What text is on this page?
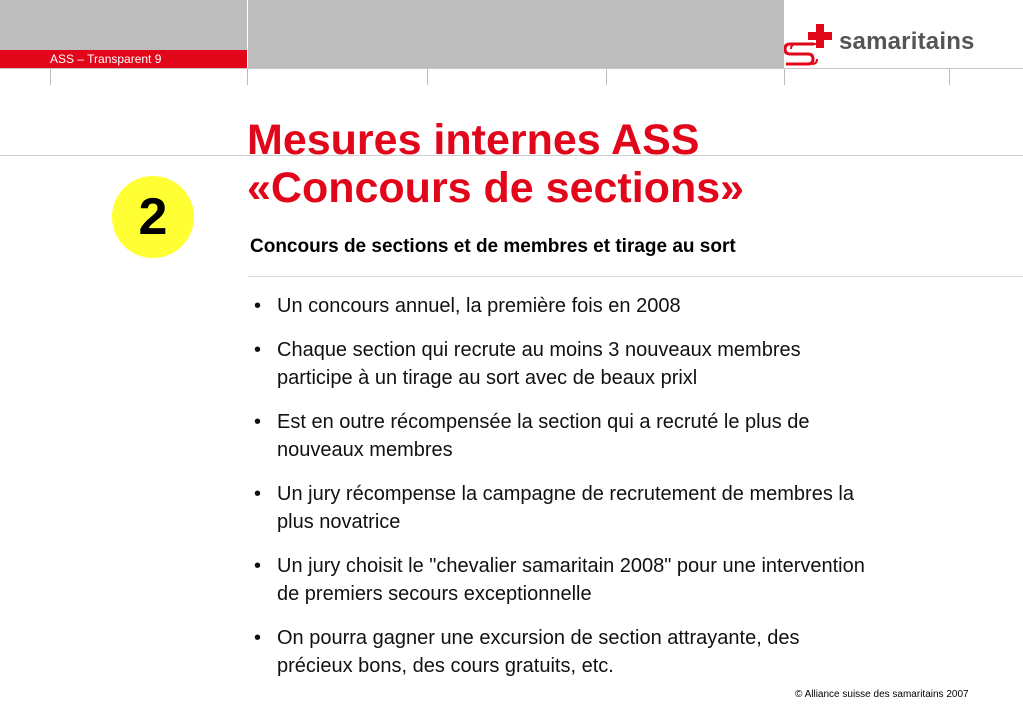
ASS – Transparent 9
samaritains
2
Mesures internes ASS
«Concours de sections»
Concours de sections et de membres et tirage au sort
• Un concours annuel, la première fois en 2008
• Chaque section qui recrute au moins 3 nouveaux membres
participe à un tirage au sort avec de beaux prixl
• Est en outre récompensée la section qui a recruté le plus de
nouveaux membres
• Un jury récompense la campagne de recrutement de membres la
plus novatrice
• Un jury choisit le "chevalier samaritain 2008" pour une intervention
de premiers secours exceptionnelle
• On pourra gagner une excursion de section attrayante, des
précieux bons, des cours gratuits, etc.
© Alliance suisse des samaritains 2007
